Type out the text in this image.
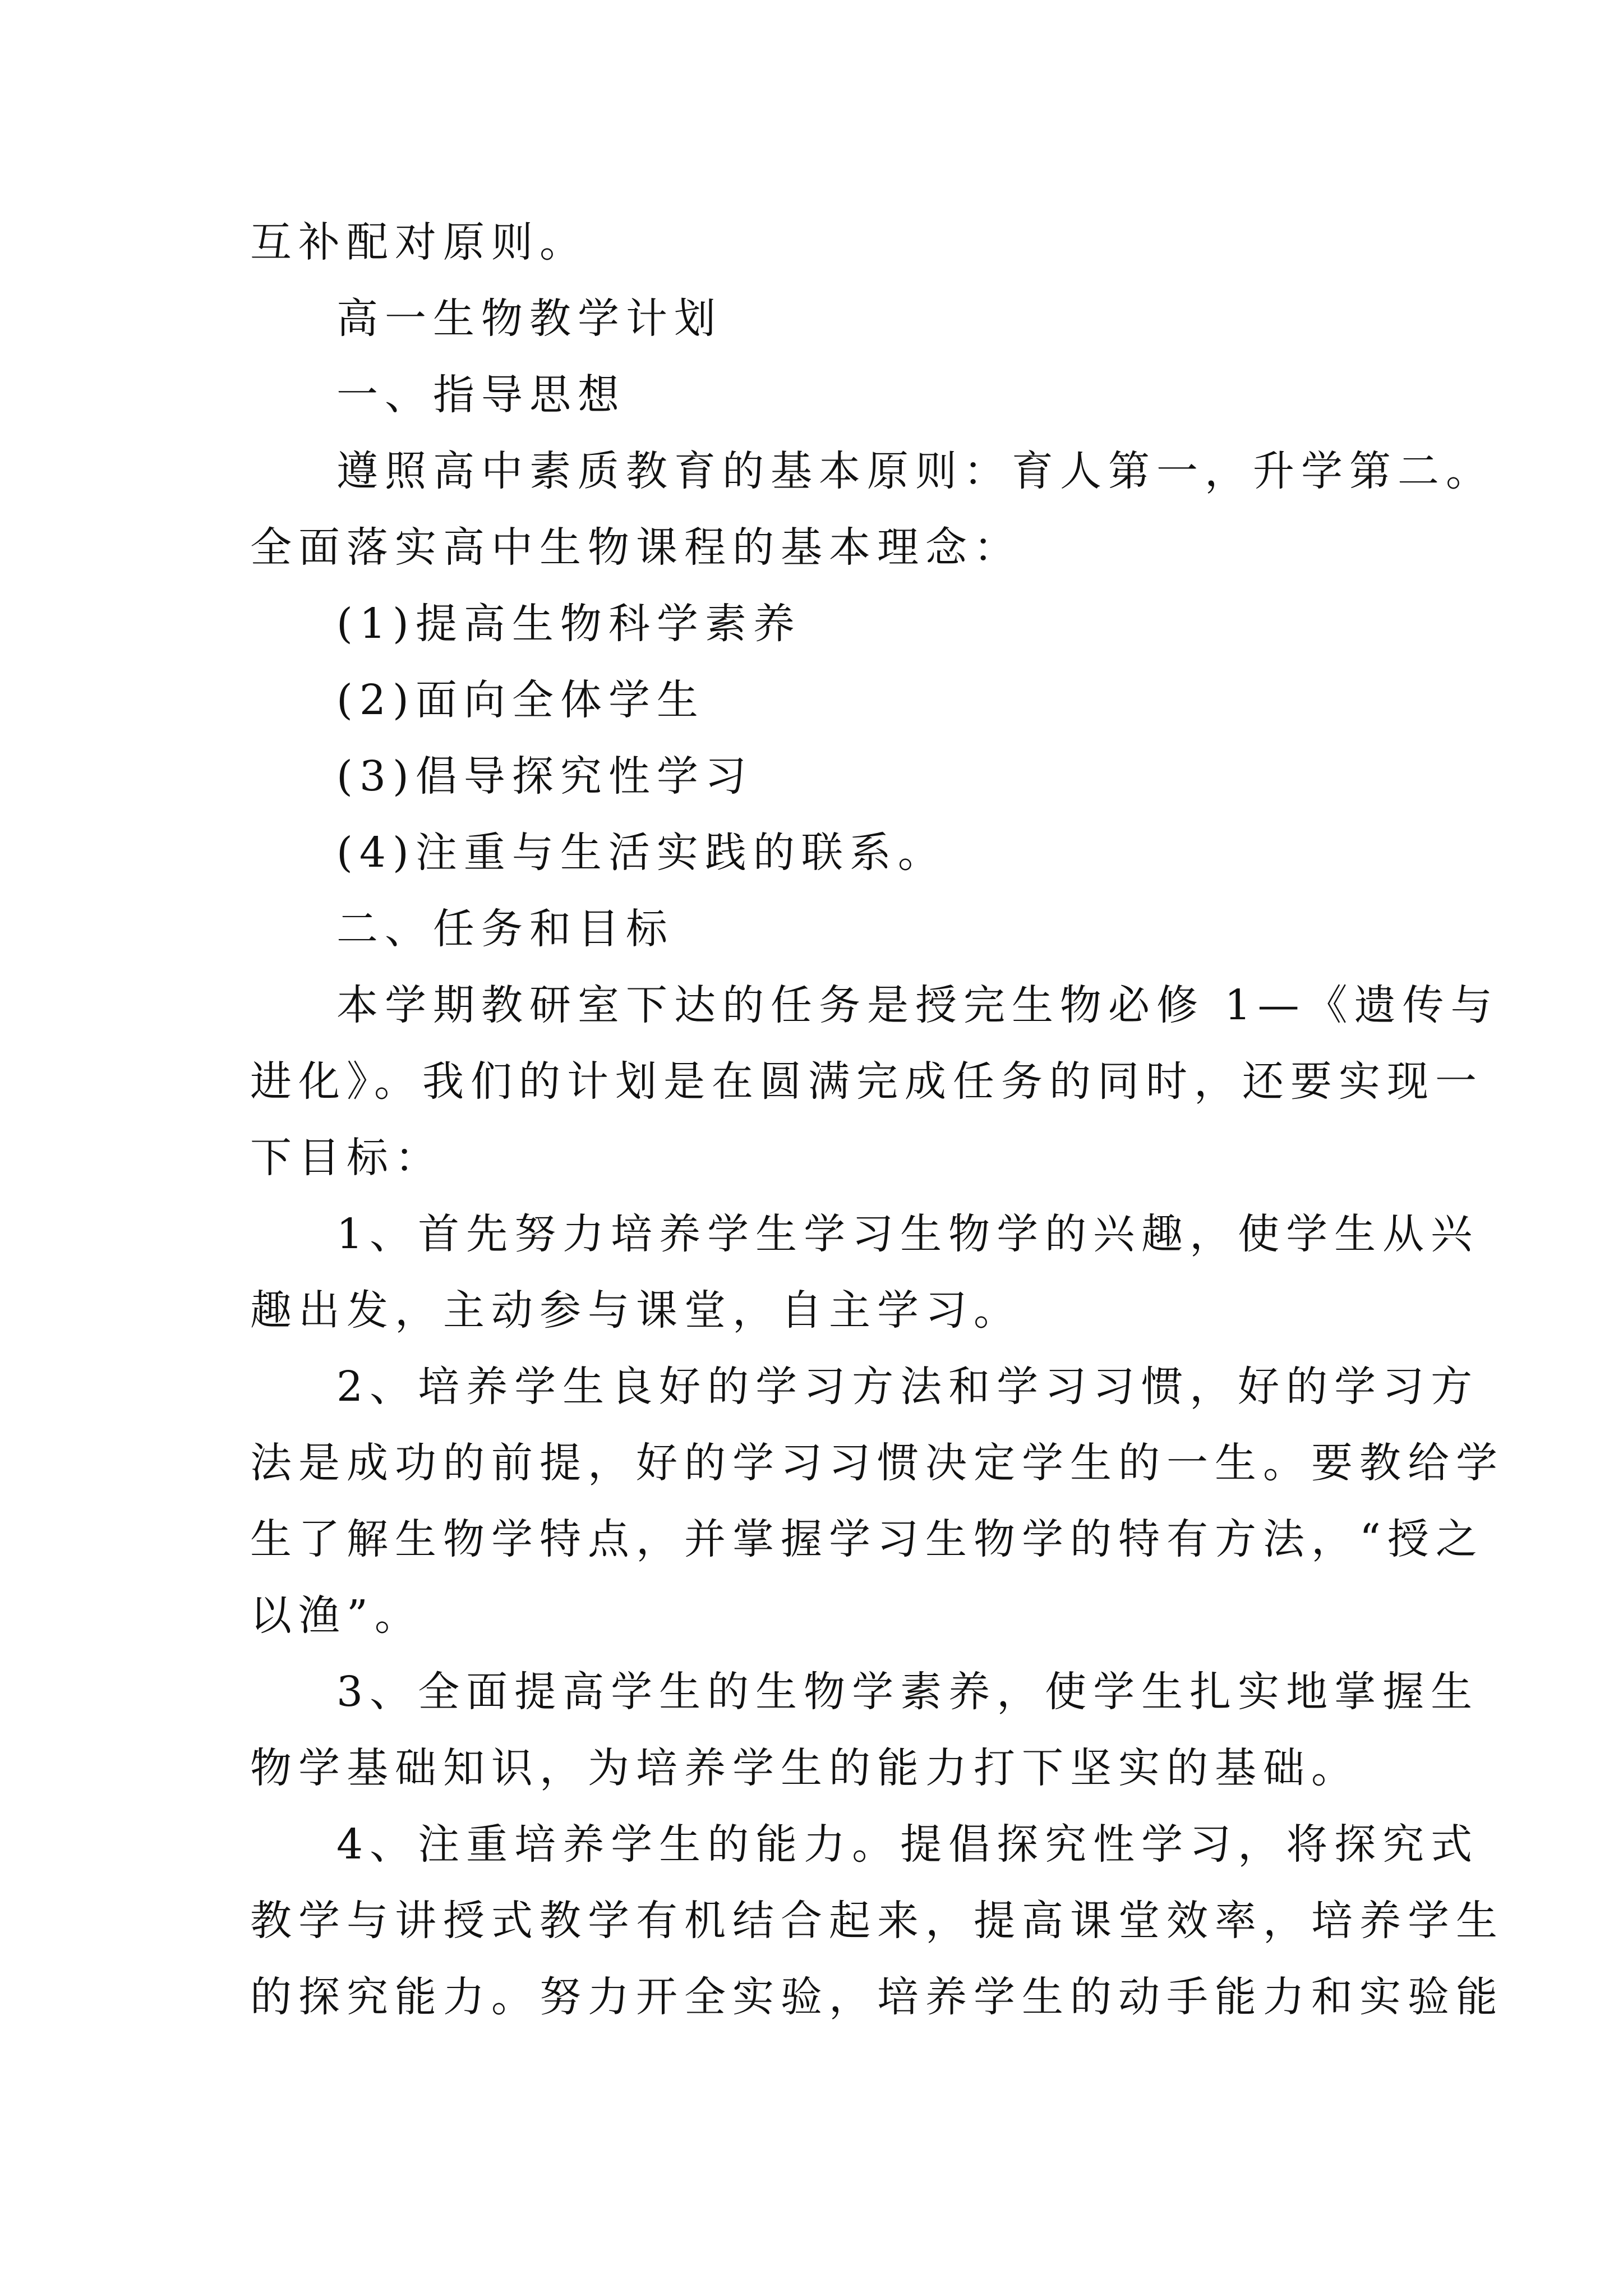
互补配对原则。
高一生物教学计划
一、指导思想
遵照高中素质教育的基本原则：育人第一，升学第二。
全面落实高中生物课程的基本理念：
(1)提高生物科学素养
(2)面向全体学生
(3)倡导探究性学习
(4)注重与生活实践的联系。
二、任务和目标
本学期教研室下达的任务是授完生物必修 1—《遗传与
进化》。我们的计划是在圆满完成任务的同时，还要实现一
下目标：
1、首先努力培养学生学习生物学的兴趣，使学生从兴
趣出发，主动参与课堂，自主学习。
2、培养学生良好的学习方法和学习习惯，好的学习方
法是成功的前提，好的学习习惯决定学生的一生。要教给学
生了解生物学特点，并掌握学习生物学的特有方法，“授之
以渔”。
3、全面提高学生的生物学素养，使学生扎实地掌握生
物学基础知识，为培养学生的能力打下坚实的基础。
4、注重培养学生的能力。提倡探究性学习，将探究式
教学与讲授式教学有机结合起来，提高课堂效率，培养学生
的探究能力。努力开全实验，培养学生的动手能力和实验能
